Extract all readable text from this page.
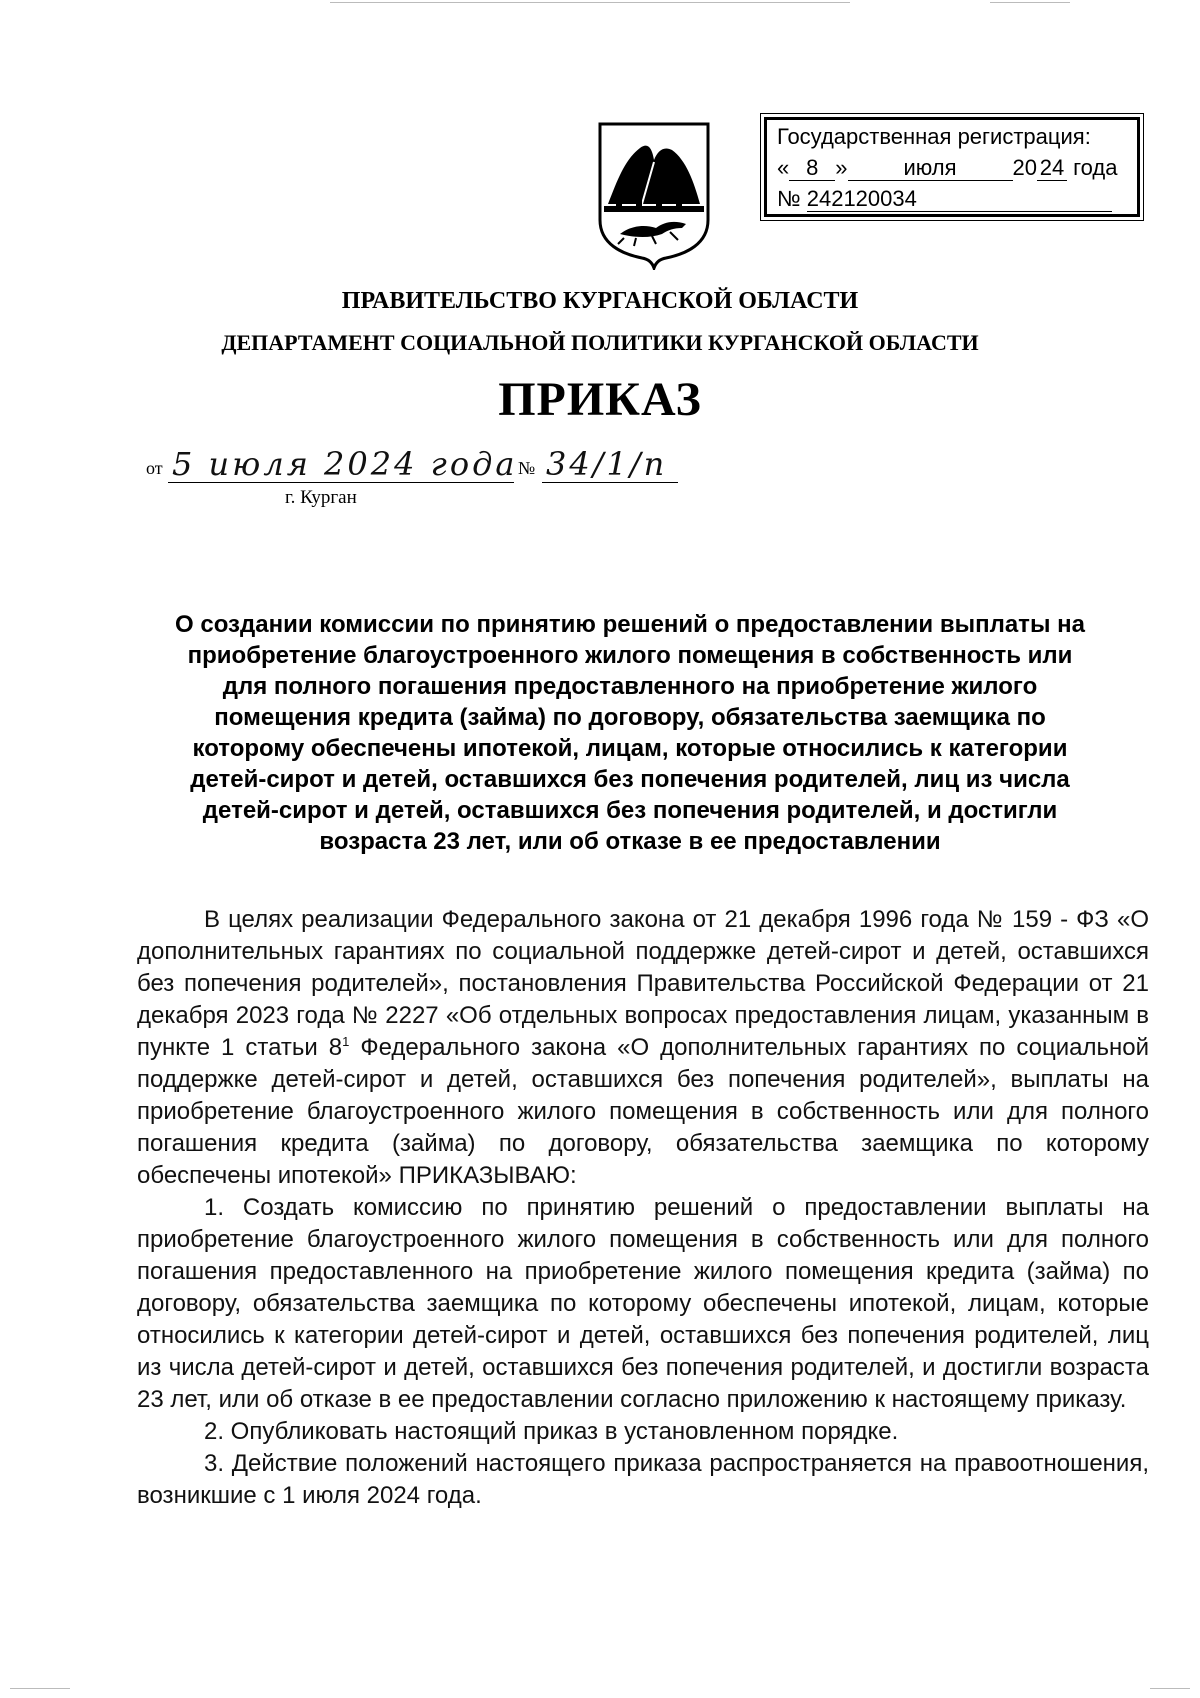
Государственная регистрация:
« 8 »	июля	20 24 года
№ 242120034
ПРАВИТЕЛЬСТВО КУРГАНСКОЙ ОБЛАСТИ
ДЕПАРТАМЕНТ СОЦИАЛЬНОЙ ПОЛИТИКИ КУРГАНСКОЙ ОБЛАСТИ
ПРИКАЗ
от 5 июля 2024 года № 34/1/п
г. Курган
О создании комиссии по принятию решений о предоставлении выплаты на
приобретение благоустроенного жилого помещения в собственность или
для полного погашения предоставленного на приобретение жилого
помещения кредита (займа) по договору, обязательства заемщика по
которому обеспечены ипотекой, лицам, которые относились к категории
детей-сирот и детей, оставшихся без попечения родителей, лиц из числа
детей-сирот и детей, оставшихся без попечения родителей, и достигли
возраста 23 лет, или об отказе в ее предоставлении

В целях реализации Федерального закона от 21 декабря 1996 года № 159 - ФЗ «О дополнительных гарантиях по социальной поддержке детей-сирот и детей, оставшихся без попечения родителей», постановления Правительства Российской Федерации от 21 декабря 2023 года № 2227 «Об отдельных вопросах предоставления лицам, указанным в пункте 1 статьи $8^1$ Федерального закона «О дополнительных гарантиях по социальной поддержке детей-сирот и детей, оставшихся без попечения родителей», выплаты на приобретение благоустроенного жилого помещения в собственность или для полного погашения кредита (займа) по договору, обязательства заемщика по которому обеспечены ипотекой» ПРИКАЗЫВАЮ:

1. Создать комиссию по принятию решений о предоставлении выплаты на приобретение благоустроенного жилого помещения в собственность или для полного погашения предоставленного на приобретение жилого помещения кредита (займа) по договору, обязательства заемщика по которому обеспечены ипотекой, лицам, которые относились к категории детей-сирот и детей, оставшихся без попечения родителей, лиц из числа детей-сирот и детей, оставшихся без попечения родителей, и достигли возраста 23 лет, или об отказе в ее предоставлении согласно приложению к настоящему приказу.

2. Опубликовать настоящий приказ в установленном порядке.

3. Действие положений настоящего приказа распространяется на правоотношения, возникшие с 1 июля 2024 года.
